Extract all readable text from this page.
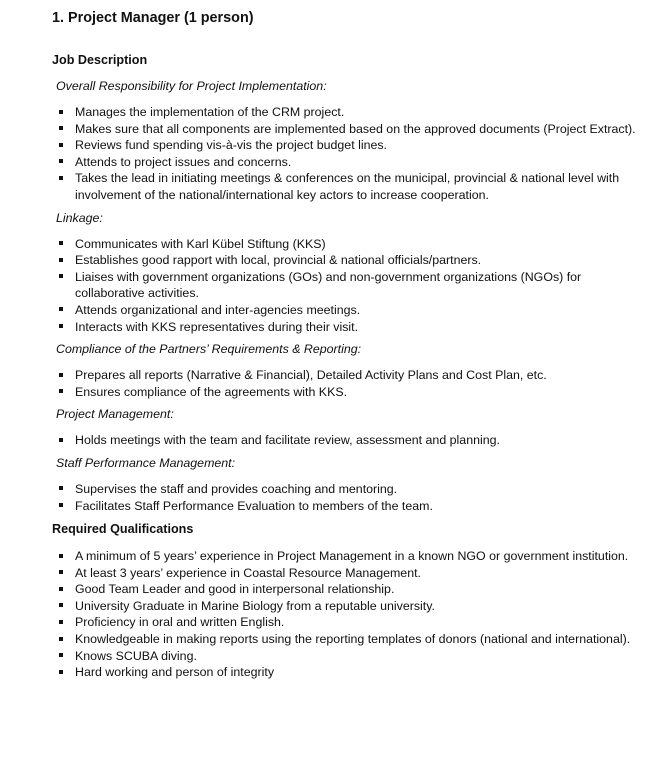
1. Project Manager (1 person)
Job Description
Overall Responsibility for Project Implementation:
Manages the implementation of the CRM project.
Makes sure that all components are implemented based on the approved documents (Project Extract).
Reviews fund spending vis-à-vis the project budget lines.
Attends to project issues and concerns.
Takes the lead in initiating meetings & conferences on the municipal, provincial & national level with involvement of the national/international key actors to increase cooperation.
Linkage:
Communicates with Karl Kübel Stiftung (KKS)
Establishes good rapport with local, provincial & national officials/partners.
Liaises with government organizations (GOs) and non-government organizations (NGOs) for collaborative activities.
Attends organizational and inter-agencies meetings.
Interacts with KKS representatives during their visit.
Compliance of the Partners’ Requirements & Reporting:
Prepares all reports (Narrative & Financial), Detailed Activity Plans and Cost Plan, etc.
Ensures compliance of the agreements with KKS.
Project Management:
Holds meetings with the team and facilitate review, assessment and planning.
Staff Performance Management:
Supervises the staff and provides coaching and mentoring.
Facilitates Staff Performance Evaluation to members of the team.
Required Qualifications
A minimum of 5 years’ experience in Project Management in a known NGO or government institution.
At least 3 years’ experience in Coastal Resource Management.
Good Team Leader and good in interpersonal relationship.
University Graduate in Marine Biology from a reputable university.
Proficiency in oral and written English.
Knowledgeable in making reports using the reporting templates of donors (national and international).
Knows SCUBA diving.
Hard working and person of integrity
